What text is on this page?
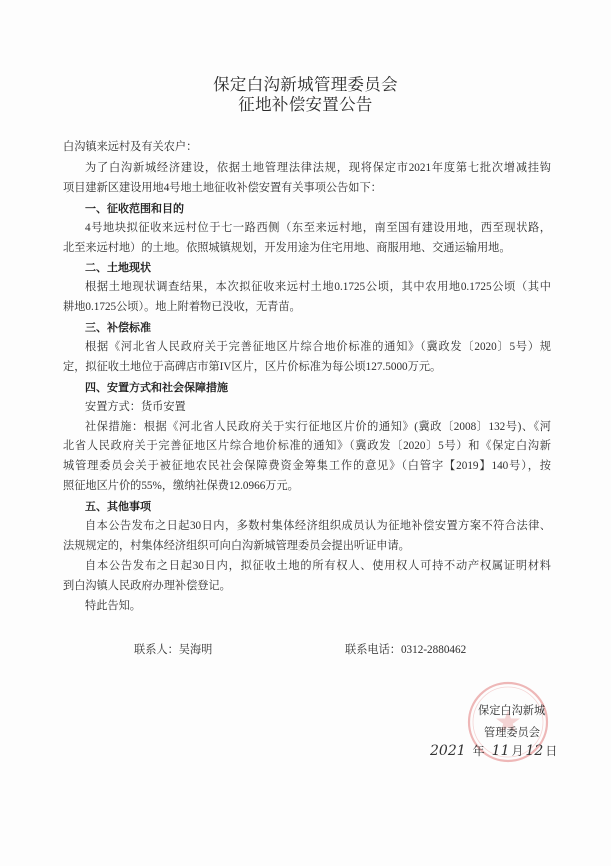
保定白沟新城管理委员会
征地补偿安置公告
白沟镇来远村及有关农户：
为了白沟新城经济建设，依据土地管理法律法规，现将保定市2021年度第七批次增减挂钩
项目建新区建设用地4号地土地征收补偿安置有关事项公告如下：
一、征收范围和目的
4号地块拟征收来远村位于七一路西侧（东至来远村地，南至国有建设用地，西至现状路，
北至来远村地）的土地。依照城镇规划，开发用途为住宅用地、商服用地、交通运输用地。
二、土地现状
根据土地现状调查结果，本次拟征收来远村土地0.1725公顷，其中农用地0.1725公顷（其中
耕地0.1725公顷）。地上附着物已没收，无青苗。
三、补偿标准
根据《河北省人民政府关于完善征地区片综合地价标准的通知》（冀政发〔2020〕5号）规
定，拟征收土地位于高碑店市第IV区片，区片价标准为每公顷127.5000万元。
四、安置方式和社会保障措施
安置方式：货币安置
社保措施：根据《河北省人民政府关于实行征地区片价的通知》(冀政〔2008〕132号)、《河
北省人民政府关于完善征地区片综合地价标准的通知》（冀政发〔2020〕5号）和《保定白沟新
城管理委员会关于被征地农民社会保障费资金筹集工作的意见》（白管字【2019】140号），按
照征地区片价的55%，缴纳社保费12.0966万元。
五、其他事项
自本公告发布之日起30日内，多数村集体经济组织成员认为征地补偿安置方案不符合法律、
法规规定的，村集体经济组织可向白沟新城管理委员会提出听证申请。
自本公告发布之日起30日内，拟征收土地的所有权人、使用权人可持不动产权属证明材料
到白沟镇人民政府办理补偿登记。
特此告知。
联系人：吴海明	联系电话：0312-2880462
保定白沟新城
管理委员会
2021 年 11 月 12 日
